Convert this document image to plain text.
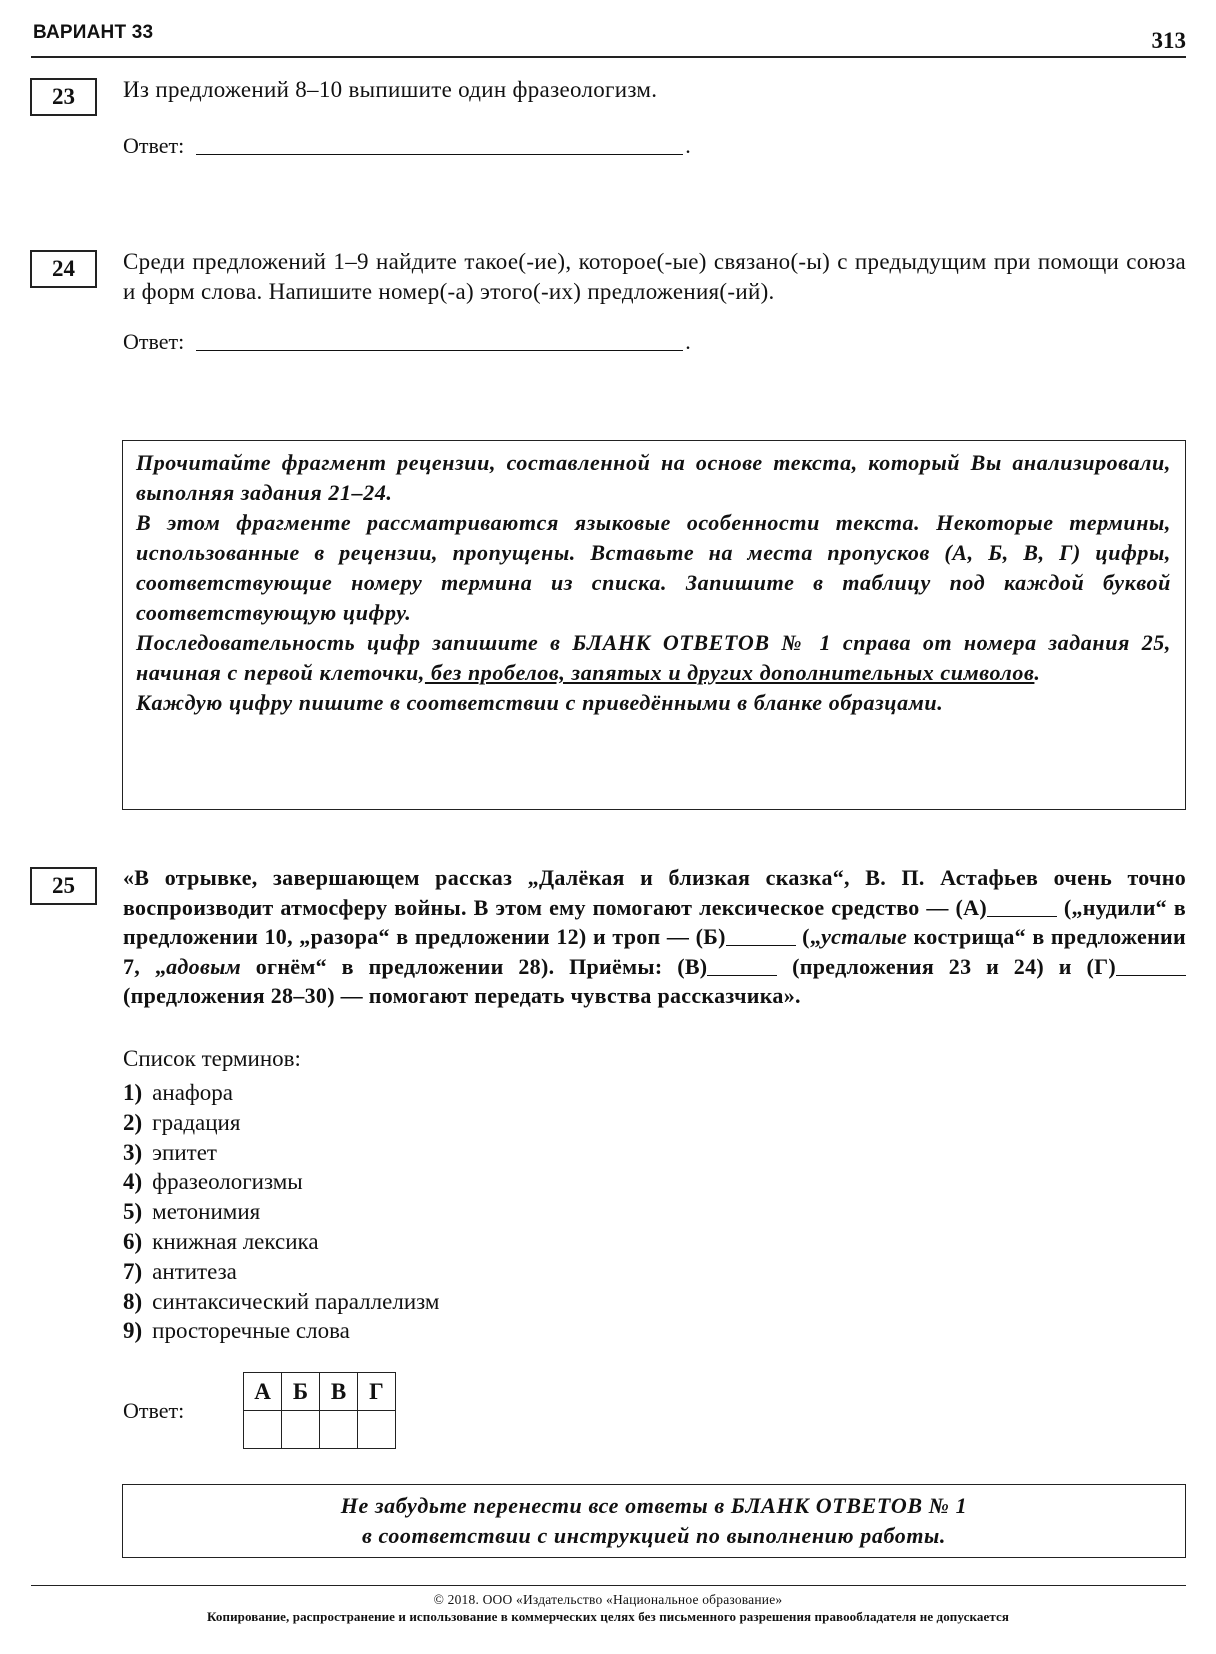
ВАРИАНТ 33	313
23	Из предложений 8–10 выпишите один фразеологизм.
Ответ:	.
24	Среди предложений 1–9 найдите такое(-ие), которое(-ые) связано(-ы) с предыдущим при помощи союза и форм слова. Напишите номер(-а) этого(-их) предложения(-ий).
Ответ:	.

Прочитайте фрагмент рецензии, составленной на основе текста, который Вы анализировали, выполняя задания 21–24.

В этом фрагменте рассматриваются языковые особенности текста. Некоторые термины, использованные в рецензии, пропущены. Вставьте на места пропусков (А, Б, В, Г) цифры, соответствующие номеру термина из списка. Запишите в таблицу под каждой буквой соответствующую цифру.

Последовательность цифр запишите в БЛАНК ОТВЕТОВ № 1 справа от номера задания 25, начиная с первой клеточки, без пробелов, запятых и других дополнительных символов.

Каждую цифру пишите в соответствии с приведёнными в бланке образцами.

25	«В отрывке, завершающем рассказ „Далёкая и близкая сказка“, В. П. Астафьев очень точно воспроизводит атмосферу войны. В этом ему помогают лексическое средство — (А)	(„нудили“ в предложении 10, „разора“ в предложении 12) и троп — (Б)	(„усталые кострища“ в предложении 7, „адовым огнём“ в предложении 28). Приёмы: (В)	(предложения 23 и 24) и (Г) (предложения 28–30) — помогают передать чувства рассказчика».
Список терминов:
1) анафора
2) градация
3) эпитет
4) фразеологизмы
5) метонимия
6) книжная лексика
7) антитеза
8) синтаксический параллелизм
9) просторечные слова
Ответ:
А	Б	В	Г

Не забудьте перенести все ответы в БЛАНК ОТВЕТОВ № 1
в соответствии с инструкцией по выполнению работы.
© 2018. ООО «Издательство «Национальное образование»
Копирование, распространение и использование в коммерческих целях без письменного разрешения правообладателя не допускается
